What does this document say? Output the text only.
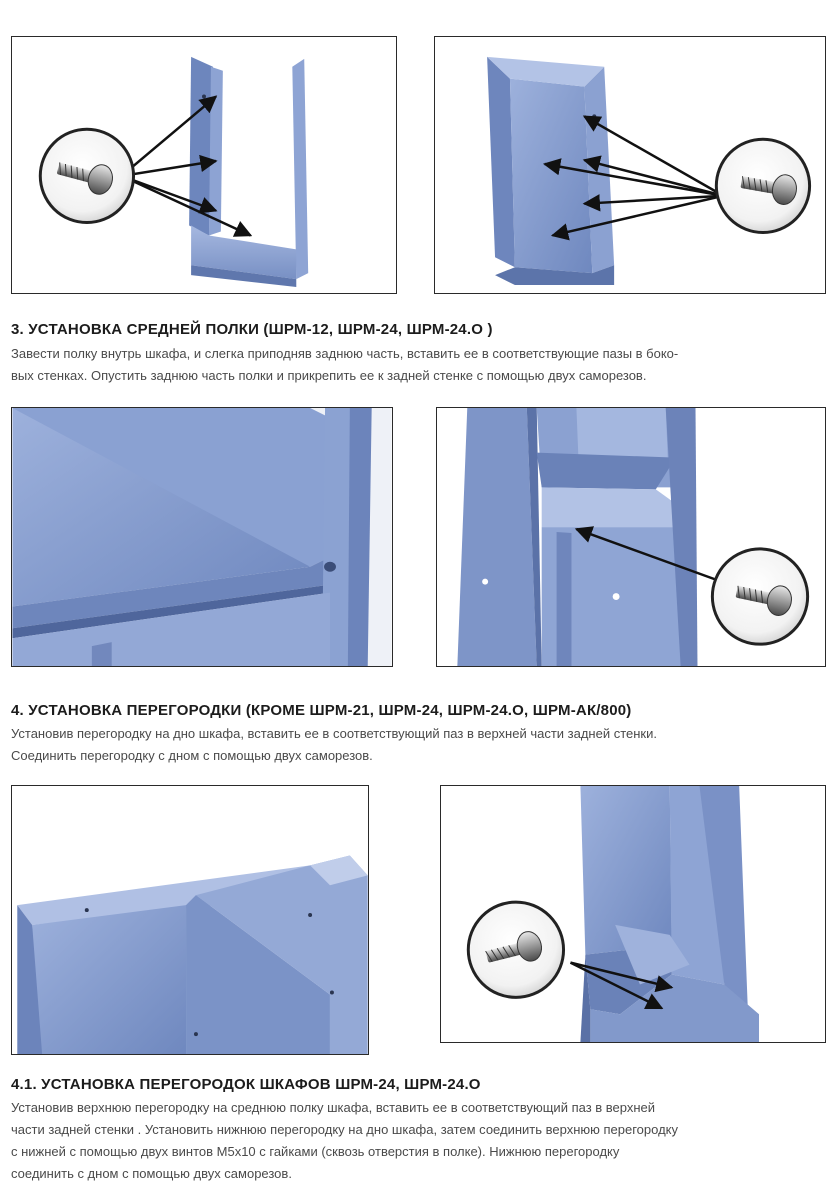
3. УСТАНОВКА СРЕДНЕЙ ПОЛКИ (ШРМ-12, ШРМ-24, ШРМ-24.О )
Завести полку внутрь шкафа, и слегка приподняв заднюю часть, вставить ее в соответствующие пазы в боко-
вых стенках. Опустить заднюю часть полки и прикрепить ее к задней стенке с помощью двух саморезов.
4. УСТАНОВКА ПЕРЕГОРОДКИ (КРОМЕ ШРМ-21, ШРМ-24, ШРМ-24.О, ШРМ-АК/800)
Установив перегородку на дно шкафа, вставить ее в соответствующий паз в верхней части задней стенки.
Соединить перегородку с дном с помощью двух саморезов.
4.1. УСТАНОВКА ПЕРЕГОРОДОК ШКАФОВ ШРМ-24, ШРМ-24.О
Установив верхнюю перегородку на среднюю полку шкафа, вставить ее в соответствующий паз в верхней
части задней стенки . Установить нижнюю перегородку на дно шкафа, затем соединить верхнюю перегородку
с нижней с помощью двух винтов М5х10 с гайками (сквозь отверстия в полке). Нижнюю перегородку
соединить с дном с помощью двух саморезов.
